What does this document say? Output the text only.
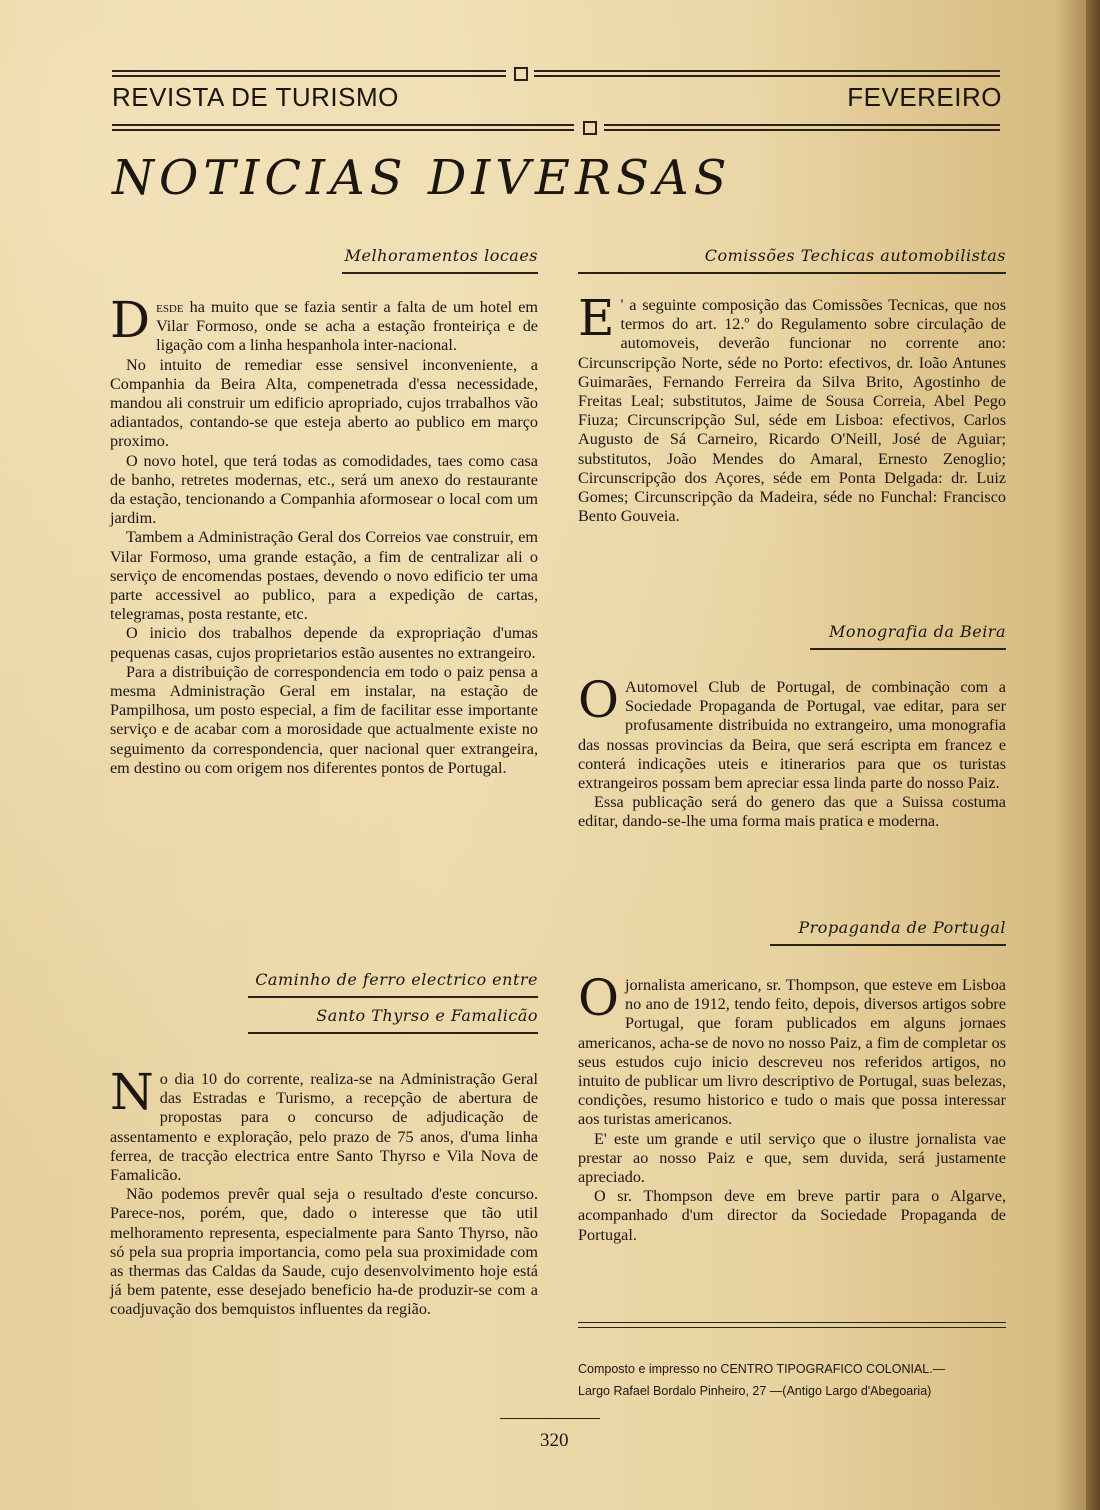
REVISTA DE TURISMO	FEVEREIRO
NOTICIAS DIVERSAS
Melhoramentos locaes

Desde ha muito que se fazia sentir a falta de um hotel em Vilar Formoso, onde se acha a estação fronteiriça e de ligação com a linha hespanhola inter-nacional.

No intuito de remediar esse sensivel inconveniente, a Companhia da Beira Alta, compenetrada d'essa necessidade, mandou ali construir um edificio apropriado, cujos trrabalhos vão adiantados, contando-se que esteja aberto ao publico em março proximo.

O novo hotel, que terá todas as comodidades, taes como casa de banho, retretes modernas, etc., será um anexo do restaurante da estação, tencionando a Companhia aformosear o local com um jardim.

Tambem a Administração Geral dos Correios vae construir, em Vilar Formoso, uma grande estação, a fim de centralizar ali o serviço de encomendas postaes, devendo o novo edificio ter uma parte accessivel ao publico, para a expedição de cartas, telegramas, posta restante, etc.

O inicio dos trabalhos depende da expropriação d'umas pequenas casas, cujos proprietarios estão ausentes no extrangeiro.

Para a distribuição de correspondencia em todo o paiz pensa a mesma Administração Geral em instalar, na estação de Pampilhosa, um posto especial, a fim de facilitar esse importante serviço e de acabar com a morosidade que actualmente existe no seguimento da correspondencia, quer nacional quer extrangeira, em destino ou com origem nos diferentes pontos de Portugal.

Caminho de ferro electrico entre
Santo Thyrso e Famalicão

No dia 10 do corrente, realiza-se na Administração Geral das Estradas e Turismo, a recepção de abertura de propostas para o concurso de adjudicação de assentamento e exploração, pelo prazo de 75 anos, d'uma linha ferrea, de tracção electrica entre Santo Thyrso e Vila Nova de Famalicão.

Não podemos prevêr qual seja o resultado d'este concurso. Parece-nos, porém, que, dado o interesse que tão util melhoramento representa, especialmente para Santo Thyrso, não só pela sua propria importancia, como pela sua proximidade com as thermas das Caldas da Saude, cujo desenvolvimento hoje está já bem patente, esse desejado beneficio ha-de produzir-se com a coadjuvação dos bemquistos influentes da região.

Comissões Techicas automobilistas

E ' a seguinte composição das Comissões Tecnicas, que nos termos do art. 12.º do Regulamento sobre circulação de automoveis, deverão funcionar no corrente ano: Circunscripção Norte, séde no Porto: efectivos, dr. Ioão Antunes Guimarães, Fernando Ferreira da Silva Brito, Agostinho de Freitas Leal; substitutos, Jaime de Sousa Correia, Abel Pego Fiuza; Circunscripção Sul, séde em Lisboa: efectivos, Carlos Augusto de Sá Carneiro, Ricardo O'Neill, José de Aguiar; substitutos, João Mendes do Amaral, Ernesto Zenoglio; Circunscripção dos Açores, séde em Ponta Delgada: dr. Luiz Gomes; Circunscripção da Madeira, séde no Funchal: Francisco Bento Gouveia.

Monografia da Beira

O Automovel Club de Portugal, de combinação com a Sociedade Propaganda de Portugal, vae editar, para ser profusamente distribuida no extrangeiro, uma monografia das nossas provincias da Beira, que será escripta em francez e conterá indicações uteis e itinerarios para que os turistas extrangeiros possam bem apreciar essa linda parte do nosso Paiz.

Essa publicação será do genero das que a Suissa costuma editar, dando-se-lhe uma forma mais pratica e moderna.

Propaganda de Portugal

O jornalista americano, sr. Thompson, que esteve em Lisboa no ano de 1912, tendo feito, depois, diversos artigos sobre Portugal, que foram publicados em alguns jornaes americanos, acha-se de novo no nosso Paiz, a fim de completar os seus estudos cujo inicio descreveu nos referidos artigos, no intuito de publicar um livro descriptivo de Portugal, suas belezas, condições, resumo historico e tudo o mais que possa interessar aos turistas americanos.

E' este um grande e util serviço que o ilustre jornalista vae prestar ao nosso Paiz e que, sem duvida, será justamente apreciado.

O sr. Thompson deve em breve partir para o Algarve, acompanhado d'um director da Sociedade Propaganda de Portugal.

Composto e impresso no CENTRO TIPOGRAFICO COLONIAL.—
Largo Rafael Bordalo Pinheiro, 27 —(Antigo Largo d'Abegoaria)
320
